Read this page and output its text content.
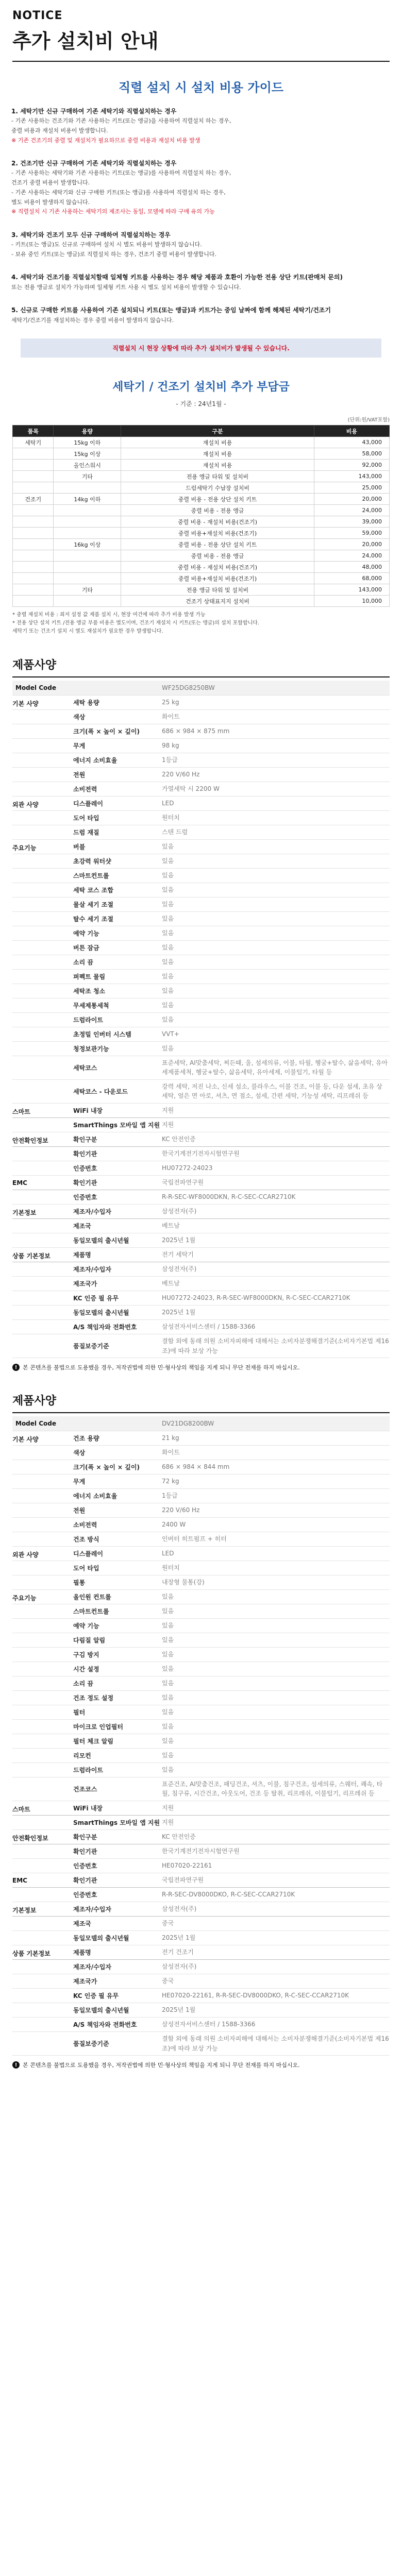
NOTICE
추가 설치비 안내
직렬 설치 시 설치 비용 가이드
1. 세탁기만 신규 구매하여 기존 세탁기와 직렬설치하는 경우
- 기존 사용하는 건조기와 기존 사용하는 키트(또는 앵글)을 사용하여 직렬설치 하는 경우,
중렬 비용과 재설치 비용이 발생합니다.
※ 기존 건조기의 중렬 및 재설치가 필요하므로 중렬 비용과 재설치 비용 발생
2. 건조기만 신규 구매하여 기존 세탁기와 직렬설치하는 경우
- 기존 사용하는 세탁기와 기존 사용하는 키트(또는 앵글)를 사용하여 직렬설치 하는 경우,
건조기 중렬 비용이 발생합니다.
- 기존 사용하는 세탁기와 신규 구매한 키트(또는 앵글)를 사용하여 직렬설치 하는 경우,
별도 비용이 발생하지 않습니다.
※ 직렬설치 시 기존 사용하는 세탁기의 제조사는 동일, 모델에 따라 구매 유의 가능
3. 세탁기와 건조기 모두 신규 구매하여 직렬설치하는 경우
- 키트(또는 앵글)도 신규로 구매하여 설치 시 별도 비용이 발생하지 않습니다.
- 보유 중인 키트(또는 앵글)로 직렬설치 하는 경우, 건조기 중렬 비용이 발생합니다.
4. 세탁기와 건조기를 직렬설치할때 일체형 키트를 사용하는 경우 해당 제품과 호환이 가능한 전용 상단 키트(판매처 문의)
또는 전용 앵글로 설치가 가능하며 일체형 키트 사용 시 별도 설치 비용이 발생할 수 있습니다.
5. 신규로 구매한 키트를 사용하여 기존 설치되니 키트(또는 앵글)과 키트가는 중임 날짜에 함께 해체된 세탁기/건조기
세탁기/건조기를 재설치하는 경우 중렬 비용이 발생하지 않습니다.
직렬설치 시 현장 상황에 따라 추가 설치비가 발생될 수 있습니다.
세탁기 / 건조기 설치비 추가 부담금
- 기준 : 24년1월 -
(단위:원/VAT포함)
품목	용량	구분	비용
세탁기	15kg 이하	재설치 비용	43,000
	15kg 이상	재설치 비용	58,000
	올인스워시	재설치 비용	92,000
	기타	전용 앵글 타워 및 설치비	143,000
		드럼세탁기 수납장 설치비	25,000
건조기	14kg 이하	중렬 비용 - 전용 상단 설치 키트	20,000
		중렬 비용 - 전용 앵글	24,000
		중렬 비용 - 재설치 비용(건조기)	39,000
		중렬 비용+재설치 비용(건조기)	59,000
	16kg 이상	중렬 비용 - 전용 상단 설치 키트	20,000
		중렬 비용 - 전용 앵글	24,000
		중렬 비용 - 재설치 비용(건조기)	48,000
		중렬 비용+재설치 비용(건조기)	68,000
	기타	전용 앵글 타워 및 설치비	143,000
		건조기 상태표지지 설치비	10,000
* 중렬 재설치 비용 : 최저 설정 값 제품 설치 시, 현장 여건에 따라 추가 비용 발생 가능
* 전용 상단 설치 키트 /전용 앵글 부품 비용은 별도이며, 건조기 재설치 시 키트(또는 앵글)의 설치 포함합니다.
세탁기 또는 건조기 설치 시 별도 재설치가 필요한 경우 발생합니다.
제품사양
Model Code		WF25DG8250BW
기본 사양	세탁 용량	25 kg
	색상	화이트
	크기(폭 × 높이 × 깊이)	686 × 984 × 875 mm
	무게	98 kg
	에너지 소비효율	1등급
	전원	220 V/60 Hz
	소비전력	가열세탁 시 2200 W
외관 사양	디스플레이	LED
	도어 타입	원터치
	드럼 재질	스텐 드럼
주요기능	버블	있음
	초강력 워터샷	있음
	스마트컨트롤	있음
	세탁 코스 조합	있음
	물살 세기 조절	있음
	탈수 세기 조절	있음
	예약 기능	있음
	버튼 잠금	있음
	소리 끔	있음
	퍼펙트 물림	있음
	세탁조 청소	있음
	무세제통세척	있음
	드럼라이트	있음
	초정밀 인버터 시스템	VVT+
	청정보관기능	있음
	세탁코스	표준세탁, AI맞춤세탁, 찌든때, 울, 섬세의류, 이불, 타월, 헹굼+탈수, 삶음세탁, 유아세제품세척, 헹굼+탈수, 삶음세탁, 유아세제, 이불털기, 타월 등
	세탁코스 - 다운로드	강력 세탁, 저진 나소, 신세 섬소, 블라우스, 이불 건조, 이불 등, 다운 섬세, 초유 상 세탁, 얼은 면 아로, 셔츠, 면 점소, 섬세, 간편 세탁, 기능성 세탁, 리프레쉬 등
스마트	WiFi 내장	지원
	SmartThings 모바일 앱 지원	지원
안전확인정보	확인구분	KC 안전인증
	확인기관	한국기계전기전자시험연구원
	인증번호	HU07272-24023
EMC	확인기관	국립전파연구원
	인증번호	R-R-SEC-WF8000DKN, R-C-SEC-CCAR2710K
기본정보	제조자/수입자	삼성전자(주)
	제조국	베트남
	동일모델의 출시년월	2025년 1월
상품 기본정보	제품명	전기 세탁기
	제조자/수입자	삼성전자(주)
	제조국가	베트남
	KC 인증 필 유무	HU07272-24023, R-R-SEC-WF8000DKN, R-C-SEC-CCAR2710K
	동일모델의 출시년월	2025년 1월
	A/S 책임자와 전화번호	삼성전자서비스센터 / 1588-3366
	품질보증기준	결함 외에 동래 의원 소비자피해에 대해서는 소비자분쟁해결기준(소비자기본법 제16조)에 따라 보상 가능
! 본 콘텐츠를 불법으로 도용했을 경우, 저작권법에 의한 민·형사상의 책임을 지게 되니 무단 전재를 하지 마십시오.
제품사양
Model Code		DV21DG8200BW
기본 사양	건조 용량	21 kg
	색상	화이트
	크기(폭 × 높이 × 깊이)	686 × 984 × 844 mm
	무게	72 kg
	에너지 소비효율	1등급
	전원	220 V/60 Hz
	소비전력	2400 W
	건조 방식	인버터 히트펌프 + 히터
외관 사양	디스플레이	LED
	도어 타입	원터치
	필통	내장형 물통(강)
주요기능	올인원 컨트롤	있음
	스마트컨트롤	있음
	예약 기능	있음
	다림질 알림	있음
	구김 방지	있음
	시간 설정	있음
	소리 끔	있음
	건조 정도 설정	있음
	필터	있음
	마이크로 인업필터	있음
	필터 체크 알림	있음
	리모컨	있음
	드럼라이트	있음
	건조코스	표준건조, AI맞춤건조, 패딩건조, 셔츠, 이불, 침구건조, 섬세의류, 스웨터, 쾌속, 타월, 침구류, 시간건조, 아웃도어, 건조 등 탈취, 리프레쉬, 이불털기, 리프레쉬 등
스마트	WiFi 내장	지원
	SmartThings 모바일 앱 지원	지원
안전확인정보	확인구분	KC 안전인증
	확인기관	한국기계전기전자시험연구원
	인증번호	HE07020-22161
EMC	확인기관	국립전파연구원
	인증번호	R-R-SEC-DV8000DKO, R-C-SEC-CCAR2710K
기본정보	제조자/수입자	삼성전자(주)
	제조국	중국
	동일모델의 출시년월	2025년 1월
상품 기본정보	제품명	전기 건조기
	제조자/수입자	삼성전자(주)
	제조국가	중국
	KC 인증 필 유무	HE07020-22161, R-R-SEC-DV8000DKO, R-C-SEC-CCAR2710K
	동일모델의 출시년월	2025년 1월
	A/S 책임자와 전화번호	삼성전자서비스센터 / 1588-3366
	품질보증기준	결함 외에 동래 의원 소비자피해에 대해서는 소비자분쟁해결기준(소비자기본법 제16조)에 따라 보상 가능
! 본 콘텐츠를 불법으로 도용했을 경우, 저작권법에 의한 민·형사상의 책임을 지게 되니 무단 전재를 하지 마십시오.
